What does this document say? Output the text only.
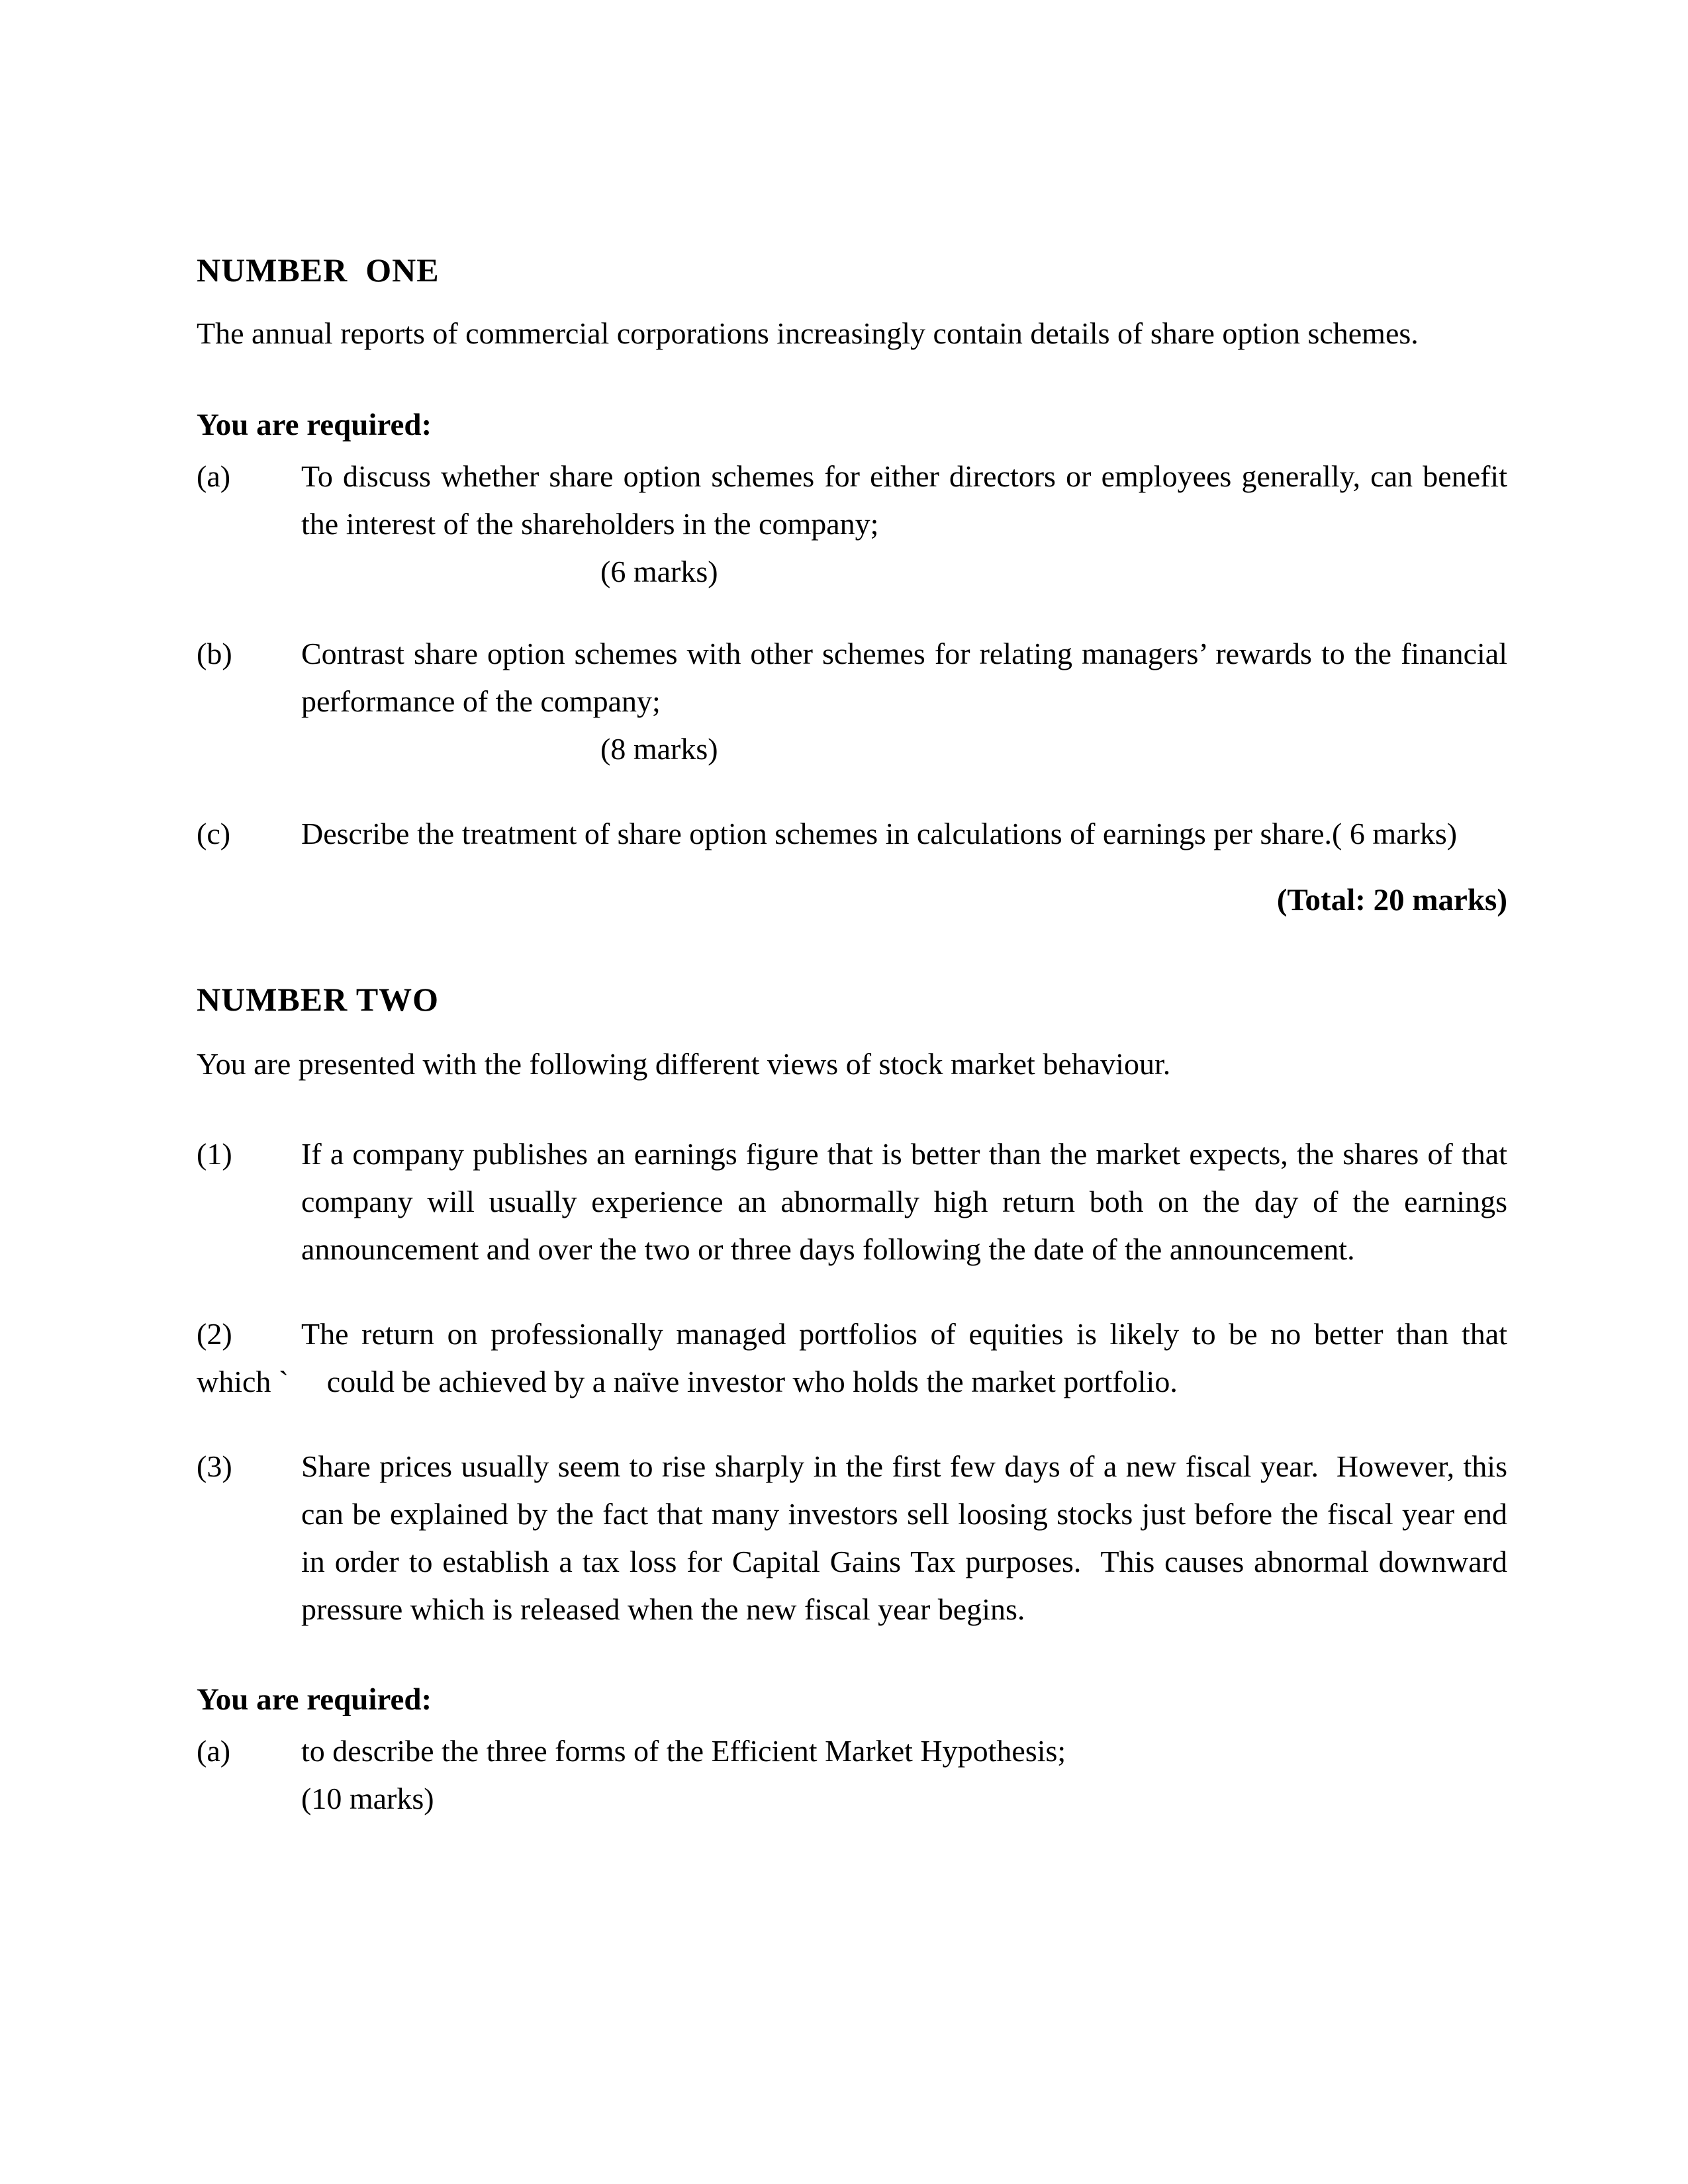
NUMBER  ONE

The annual reports of commercial corporations increasingly contain details of share option schemes.

You are required:

(a) To discuss whether share option schemes for either directors or employees generally, can benefit the interest of the shareholders in the company;
(6 marks)
(b) Contrast share option schemes with other schemes for relating managers’ rewards to the financial performance of the company;
(8 marks)

(c) Describe the treatment of share option schemes in calculations of earnings per share.( 6 marks)

(Total: 20 marks)

NUMBER TWO

You are presented with the following different views of stock market behaviour.

(1) If a company publishes an earnings figure that is better than the market expects, the shares of that company will usually experience an abnormally high return both on the day of the earnings announcement and over the two or three days following the date of the announcement.

(2) The return on professionally managed portfolios of equities is likely to be no better than that which `     could be achieved by a naïve investor who holds the market portfolio.

(3) Share prices usually seem to rise sharply in the first few days of a new fiscal year.  However, this can be explained by the fact that many investors sell loosing stocks just before the fiscal year end in order to establish a tax loss for Capital Gains Tax purposes.  This causes abnormal downward pressure which is released when the new fiscal year begins.

You are required:

(a) to describe the three forms of the Efficient Market Hypothesis;
(10 marks)
